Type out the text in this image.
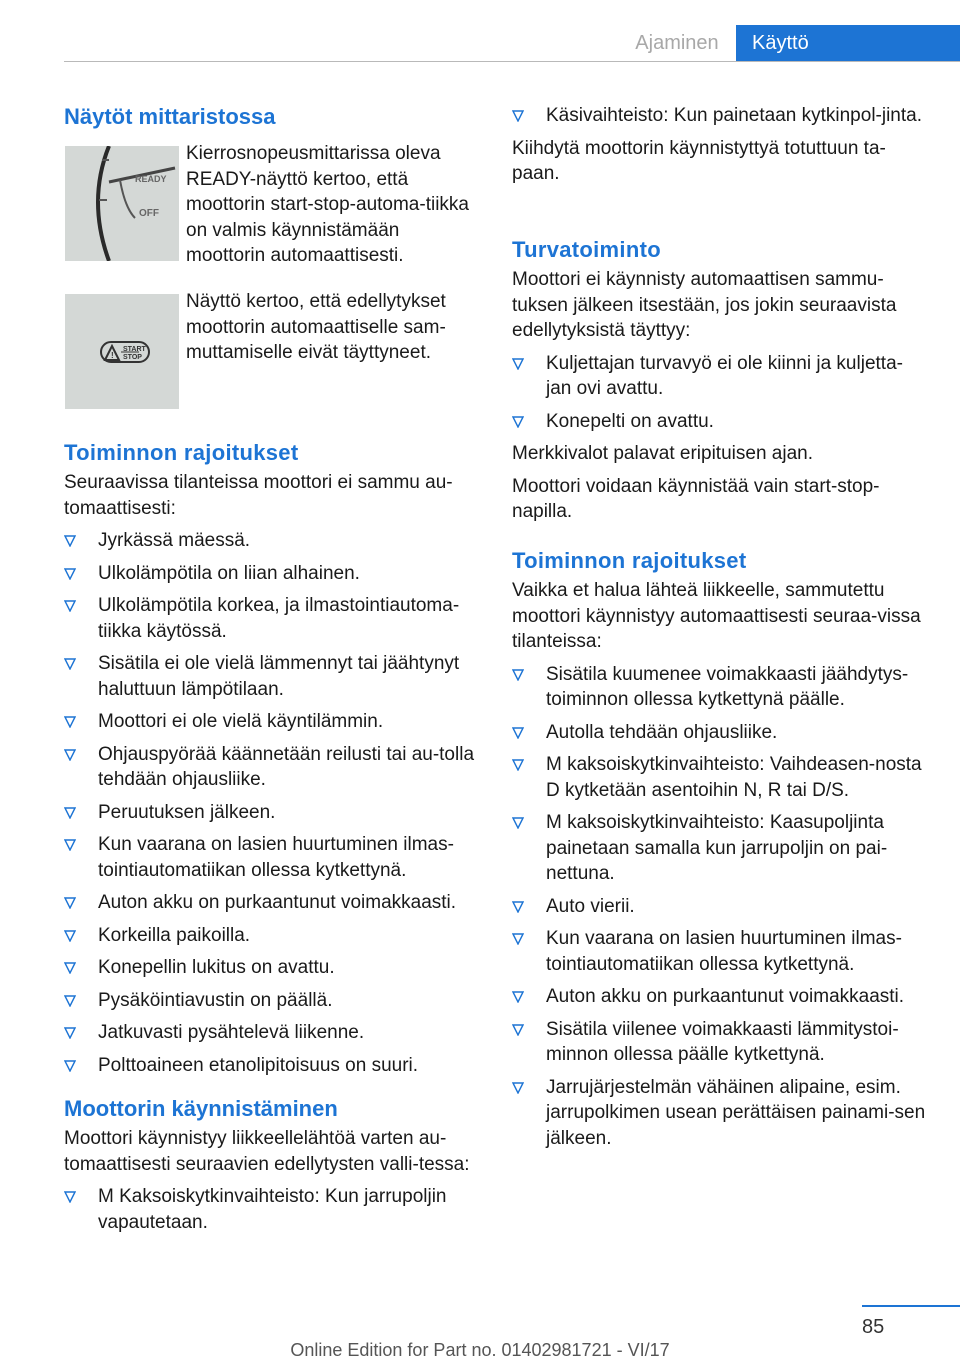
Ajaminen	Käyttö
Näytöt mittaristossa
READY
OFF
Kierrosnopeusmittarissa oleva READY-näyttö kertoo, että moottorin start-stop-automa-tiikka on valmis käynnistämään moottorin automaattisesti.
!
START
STOP
Näyttö kertoo, että edellytykset moottorin automaattiselle sam-muttamiselle eivät täyttyneet.
Toiminnon rajoitukset

Seuraavissa tilanteissa moottori ei sammu au-tomaattisesti:

Jyrkässä mäessä.
Ulkolämpötila on liian alhainen.
Ulkolämpötila korkea, ja ilmastointiautoma-tiikka käytössä.
Sisätila ei ole vielä lämmennyt tai jäähtynyt haluttuun lämpötilaan.
Moottori ei ole vielä käyntilämmin.
Ohjauspyörää käännetään reilusti tai au-tolla tehdään ohjausliike.
Peruutuksen jälkeen.
Kun vaarana on lasien huurtuminen ilmas-tointiautomatiikan ollessa kytkettynä.
Auton akku on purkaantunut voimakkaasti.
Korkeilla paikoilla.
Konepellin lukitus on avattu.
Pysäköintiavustin on päällä.
Jatkuvasti pysähtelevä liikenne.
Polttoaineen etanolipitoisuus on suuri.
Moottorin käynnistäminen

Moottori käynnistyy liikkeellelähtöä varten au-tomaattisesti seuraavien edellytysten valli-tessa:

M Kaksoiskytkinvaihteisto: Kun jarrupoljin vapautetaan.
Käsivaihteisto: Kun painetaan kytkinpol-jinta.

Kiihdytä moottorin käynnistyttyä totuttuun ta-paan.

Turvatoiminto

Moottori ei käynnisty automaattisen sammu-tuksen jälkeen itsestään, jos jokin seuraavista edellytyksistä täyttyy:

Kuljettajan turvavyö ei ole kiinni ja kuljetta-jan ovi avattu.
Konepelti on avattu.

Merkkivalot palavat eripituisen ajan.

Moottori voidaan käynnistää vain start-stop-napilla.

Toiminnon rajoitukset

Vaikka et halua lähteä liikkeelle, sammutettu moottori käynnistyy automaattisesti seuraa-vissa tilanteissa:

Sisätila kuumenee voimakkaasti jäähdytys-toiminnon ollessa kytkettynä päälle.
Autolla tehdään ohjausliike.
M kaksoiskytkinvaihteisto: Vaihdeasen-nosta D kytketään asentoihin N, R tai D/S.
M kaksoiskytkinvaihteisto: Kaasupoljinta painetaan samalla kun jarrupoljin on pai-nettuna.
Auto vierii.
Kun vaarana on lasien huurtuminen ilmas-tointiautomatiikan ollessa kytkettynä.
Auton akku on purkaantunut voimakkaasti.
Sisätila viilenee voimakkaasti lämmitystoi-minnon ollessa päälle kytkettynä.
Jarrujärjestelmän vähäinen alipaine, esim. jarrupolkimen usean perättäisen painami-sen jälkeen.
85
Online Edition for Part no. 01402981721 - VI/17
